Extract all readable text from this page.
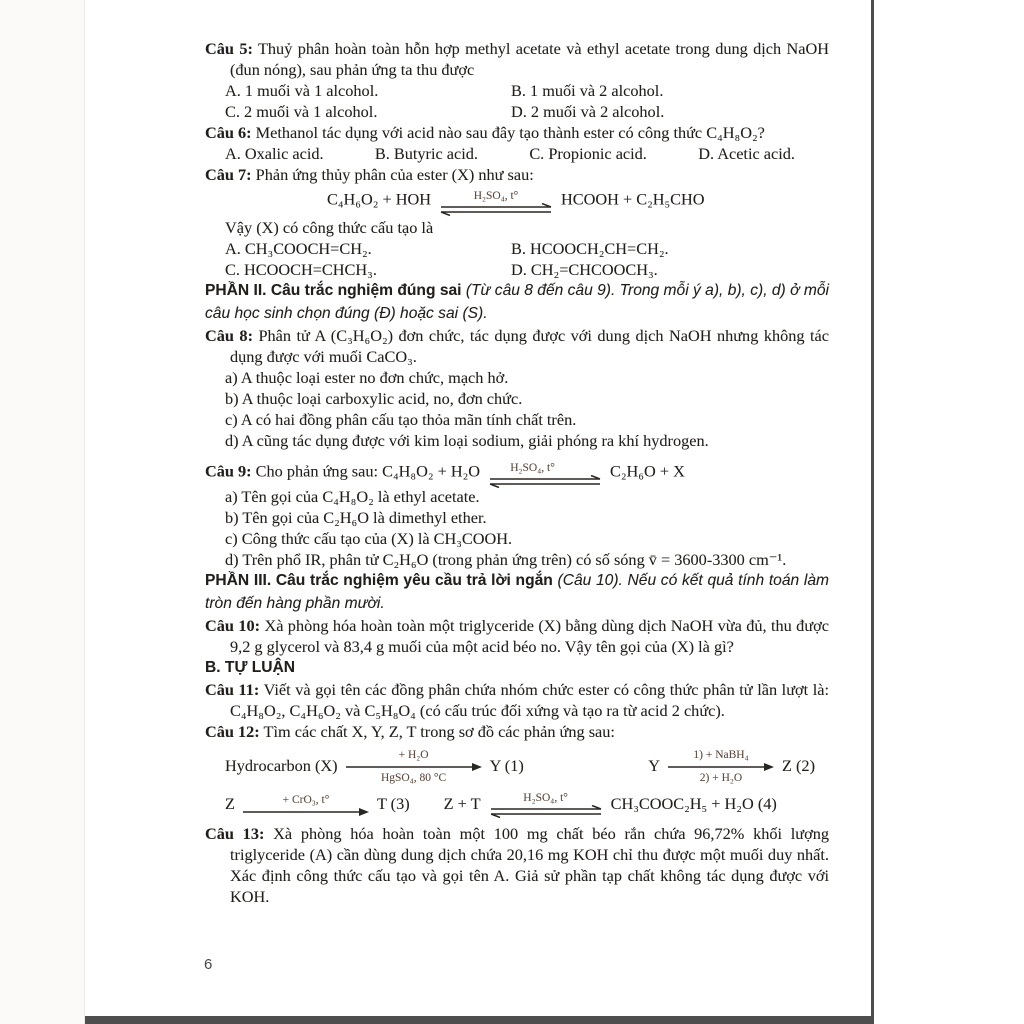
Câu 5: Thuỷ phân hoàn toàn hỗn hợp methyl acetate và ethyl acetate trong dung dịch NaOH (đun nóng), sau phản ứng ta thu được

A. 1 muối và 1 alcohol.	B. 1 muối và 2 alcohol.
C. 2 muối và 1 alcohol.	D. 2 muối và 2 alcohol.

Câu 6: Methanol tác dụng với acid nào sau đây tạo thành ester có công thức C₄H₈O₂?

A. Oxalic acid.	B. Butyric acid.	C. Propionic acid.	D. Acetic acid.

Câu 7: Phản ứng thủy phân của ester (X) như sau:

C₄H₆O₂ + HOH	H₂SO₄, t°	HCOOH + C₂H₅CHO

Vậy (X) có công thức cấu tạo là

A. CH₃COOCH=CH₂.	B. HCOOCH₂CH=CH₂.
C. HCOOCH=CHCH₃.	D. CH₂=CHCOOCH₃.

PHẦN II. Câu trắc nghiệm đúng sai (Từ câu 8 đến câu 9). Trong mỗi ý a), b), c), d) ở mỗi câu học sinh chọn đúng (Đ) hoặc sai (S).

Câu 8: Phân tử A (C₃H₆O₂) đơn chức, tác dụng được với dung dịch NaOH nhưng không tác dụng được với muối CaCO₃.

a) A thuộc loại ester no đơn chức, mạch hở.

b) A thuộc loại carboxylic acid, no, đơn chức.

c) A có hai đồng phân cấu tạo thỏa mãn tính chất trên.

d) A cũng tác dụng được với kim loại sodium, giải phóng ra khí hydrogen.

Câu 9: Cho phản ứng sau: C₄H₈O₂ + H₂O	H₂SO₄, t°	C₂H₆O + X

a) Tên gọi của C₄H₈O₂ là ethyl acetate.

b) Tên gọi của C₂H₆O là dimethyl ether.

c) Công thức cấu tạo của (X) là CH₃COOH.

d) Trên phổ IR, phân tử C₂H₆O (trong phản ứng trên) có số sóng v̄ = 3600-3300 cm⁻¹.

PHẦN III. Câu trắc nghiệm yêu cầu trả lời ngắn (Câu 10). Nếu có kết quả tính toán làm tròn đến hàng phần mười.

Câu 10: Xà phòng hóa hoàn toàn một triglyceride (X) bằng dùng dịch NaOH vừa đủ, thu được 9,2 g glycerol và 83,4 g muối của một acid béo no. Vậy tên gọi của (X) là gì?

B. TỰ LUẬN

Câu 11: Viết và gọi tên các đồng phân chứa nhóm chức ester có công thức phân tử lần lượt là: C₄H₈O₂, C₄H₆O₂ và C₅H₈O₄ (có cấu trúc đối xứng và tạo ra từ acid 2 chức).

Câu 12: Tìm các chất X, Y, Z, T trong sơ đồ các phản ứng sau:

Hydrocarbon (X)
+ H₂O
HgSO₄, 80 °C
Y (1)	Y
1) + NaBH₄
2) + H₂O
Z (2)
Z	+ CrO₃, t°	T (3) Z + T	H₂SO₄, t°	CH₃COOC₂H₅ + H₂O (4)

Câu 13: Xà phòng hóa hoàn toàn một 100 mg chất béo rắn chứa 96,72% khối lượng triglyceride (A) cần dùng dung dịch chứa 20,16 mg KOH chỉ thu được một muối duy nhất. Xác định công thức cấu tạo và gọi tên A. Giả sử phần tạp chất không tác dụng được với KOH.

6
